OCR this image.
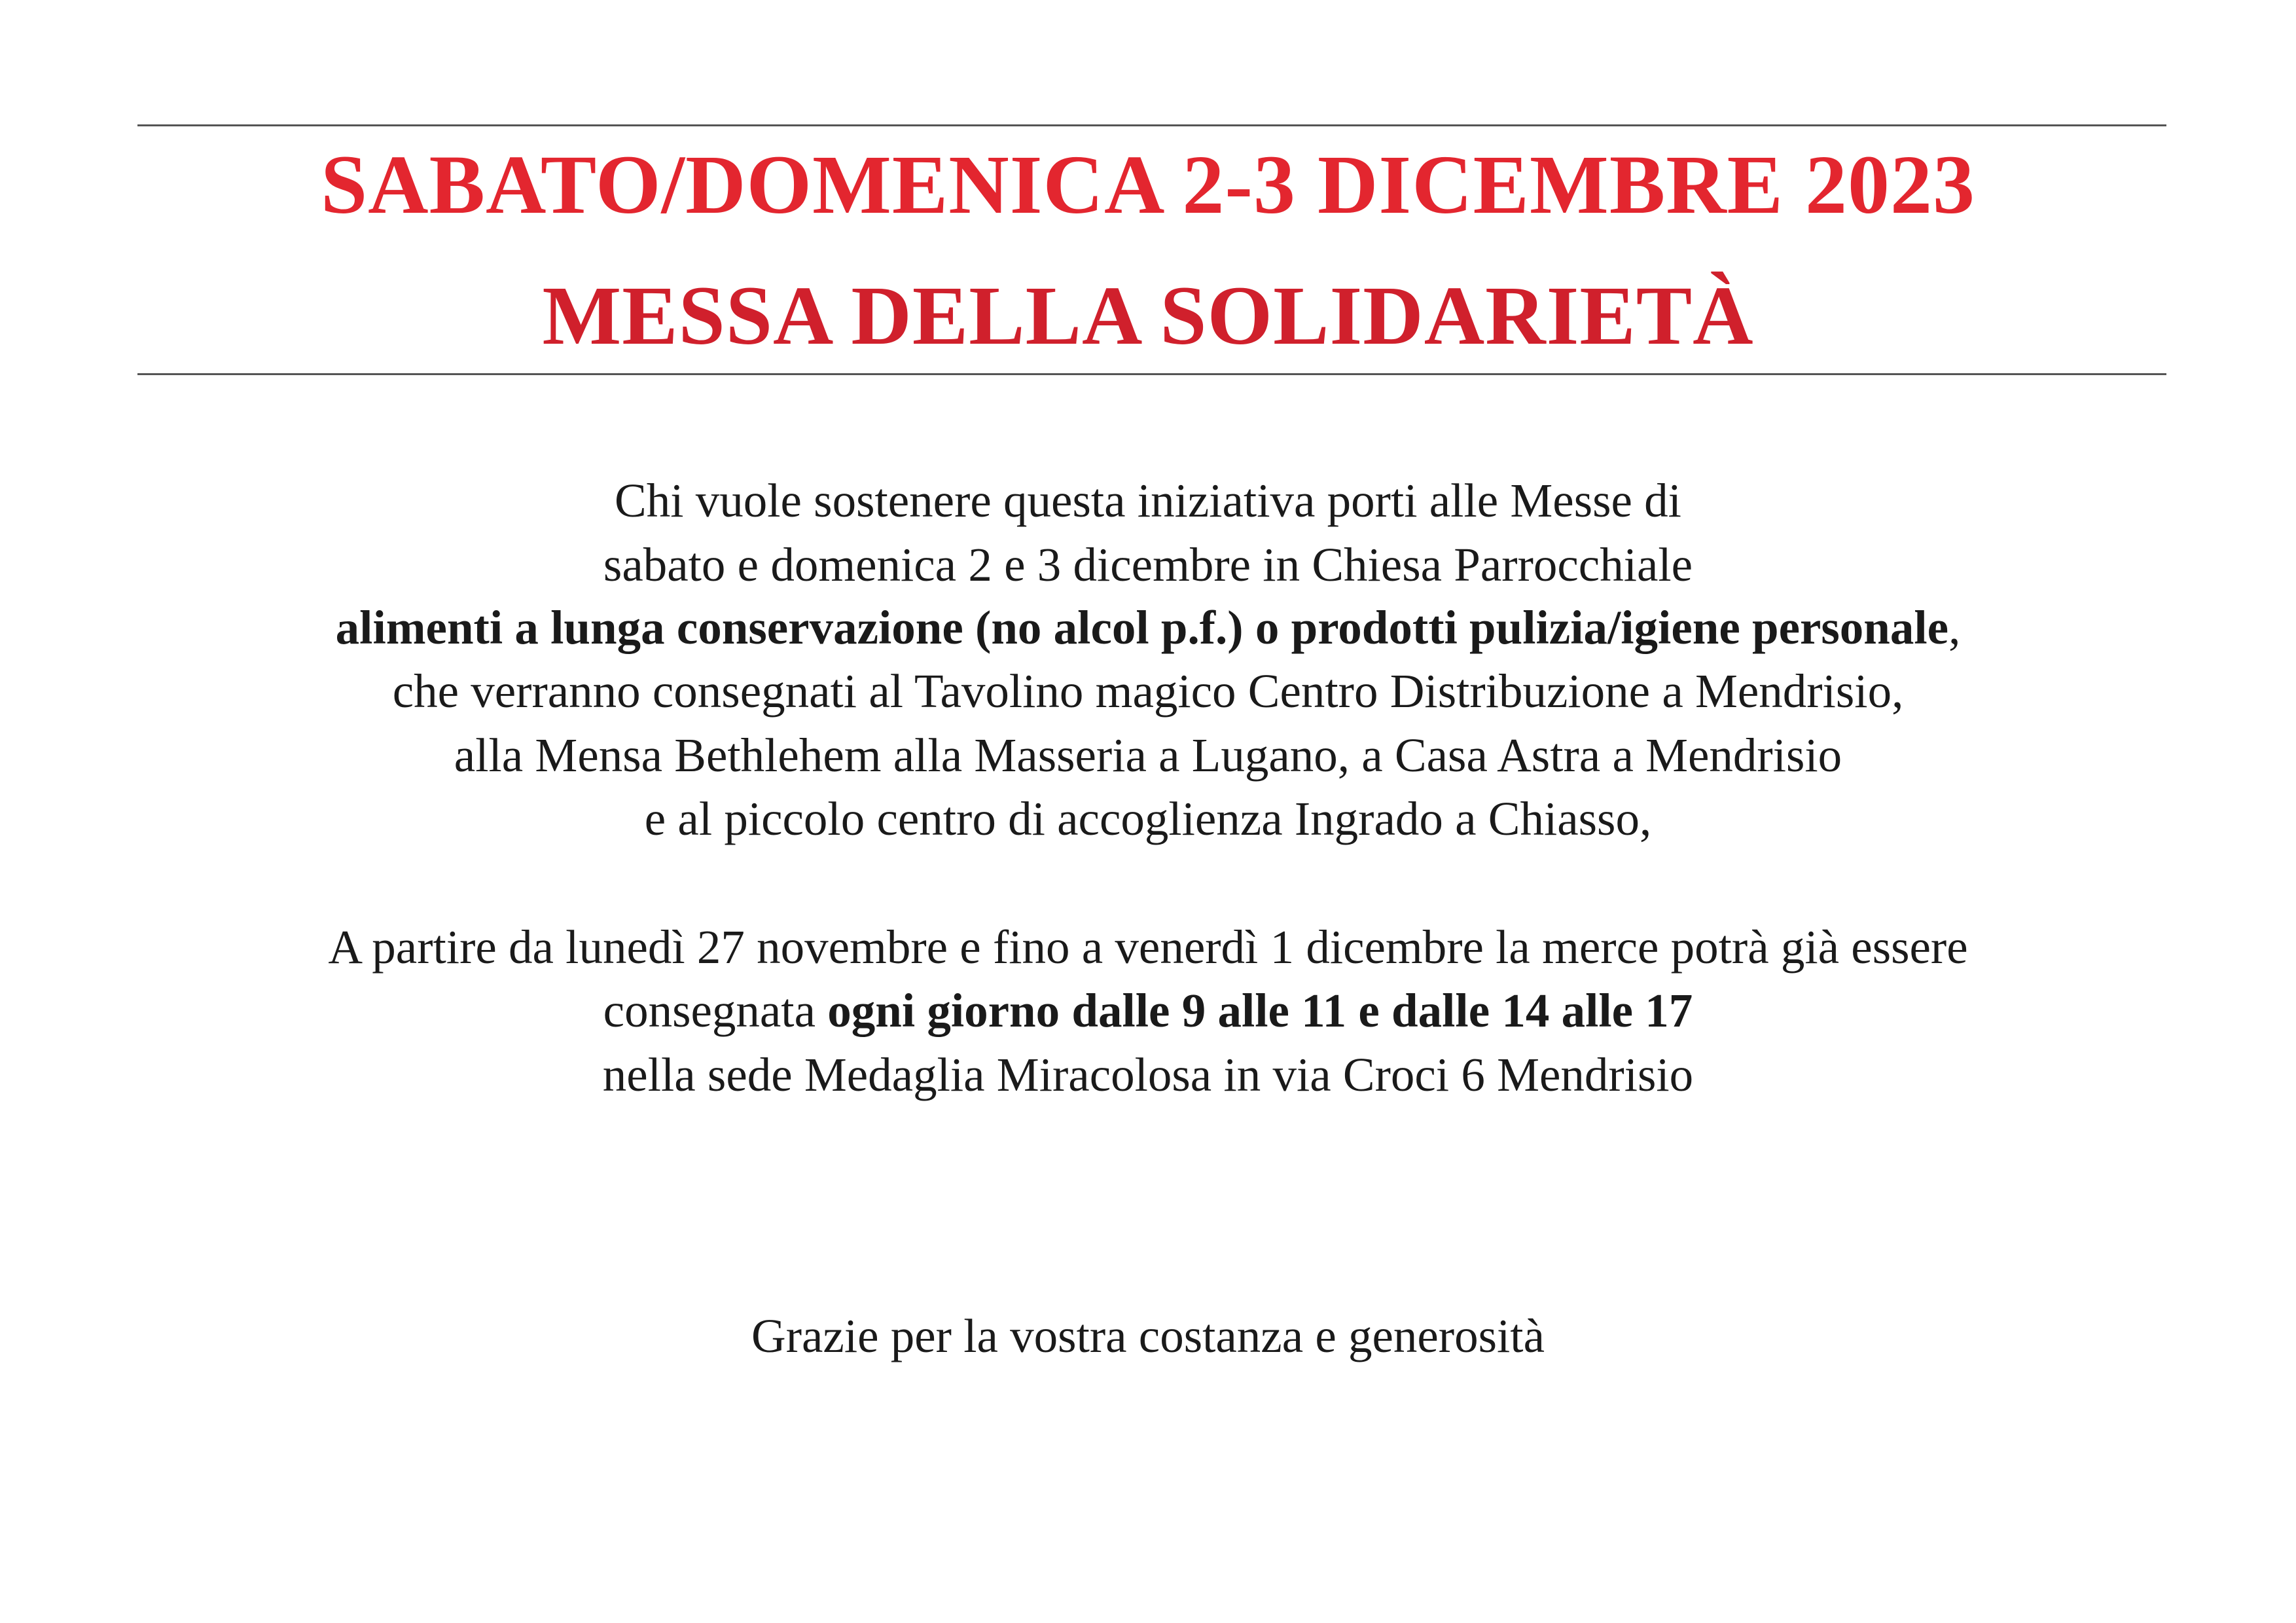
SABATO/DOMENICA 2-3 DICEMBRE 2023
MESSA DELLA SOLIDARIETÀ
Chi vuole sostenere questa iniziativa porti alle Messe di
sabato e domenica 2 e 3 dicembre in Chiesa Parrocchiale
alimenti a lunga conservazione (no alcol p.f.) o prodotti pulizia/igiene personale,
che verranno consegnati al Tavolino magico Centro Distribuzione a Mendrisio,
alla Mensa Bethlehem alla Masseria a Lugano, a Casa Astra a Mendrisio
e al piccolo centro di accoglienza Ingrado a Chiasso,
A partire da lunedì 27 novembre e fino a venerdì 1 dicembre la merce potrà già essere
consegnata ogni giorno dalle 9 alle 11 e dalle 14 alle 17
nella sede Medaglia Miracolosa in via Croci 6 Mendrisio
Grazie per la vostra costanza e generosità
